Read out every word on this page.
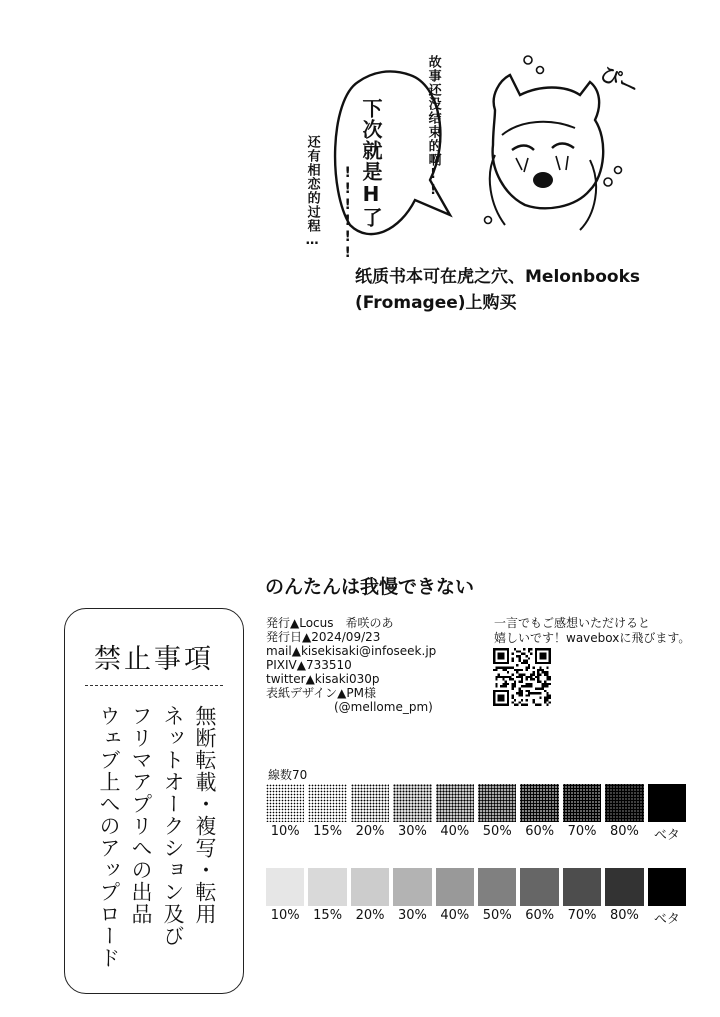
故事还没结束的啊!!
下次就是H了
!!!!!!
还有相恋的过程…
ぴー
纸质书本可在虎之穴、Melonbooks
(Fromagee)上购买
のんたんは我慢できない
禁止事項
無断転載・複写・転用
ネットオークション及び
フリマアプリへの出品
ウェブ上へのアップロード
発行▲Locus　希咲のあ
発行日▲2024/09/23
mail▲kisekisaki@infoseek.jp
PIXIV▲733510
twitter▲kisaki030p
表紙デザイン▲PM様
(@mellome_pm)
一言でもご感想いただけると
嬉しいです！waveboxに飛びます。
線数70
10%	15%	20%	30%	40%	50%	60%	70%	80%	ベタ
10%	15%	20%	30%	40%	50%	60%	70%	80%	ベタ
